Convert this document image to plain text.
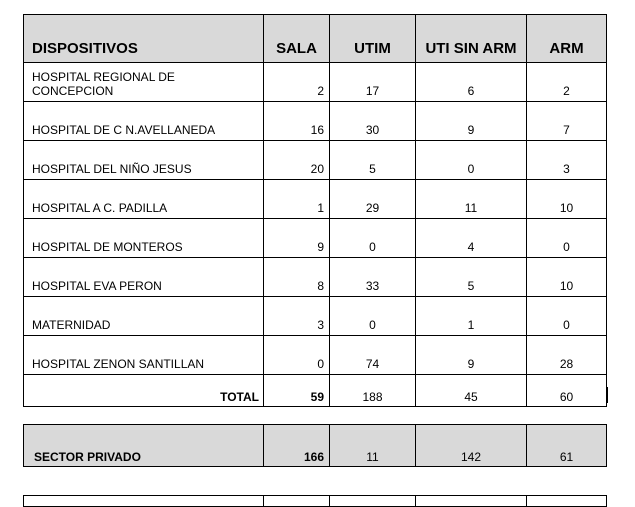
DISPOSITIVOS	SALA	UTIM	UTI SIN ARM	ARM
HOSPITAL REGIONAL DE CONCEPCION	2	17	6	2
HOSPITAL DE C N.AVELLANEDA	16	30	9	7
HOSPITAL DEL NIÑO JESUS	20	5	0	3
HOSPITAL A C. PADILLA	1	29	11	10
HOSPITAL DE MONTEROS	9	0	4	0
HOSPITAL EVA PERON	8	33	5	10
MATERNIDAD	3	0	1	0
HOSPITAL ZENON SANTILLAN	0	74	9	28
TOTAL	59	188	45	60
SECTOR PRIVADO	166	11	142	61
